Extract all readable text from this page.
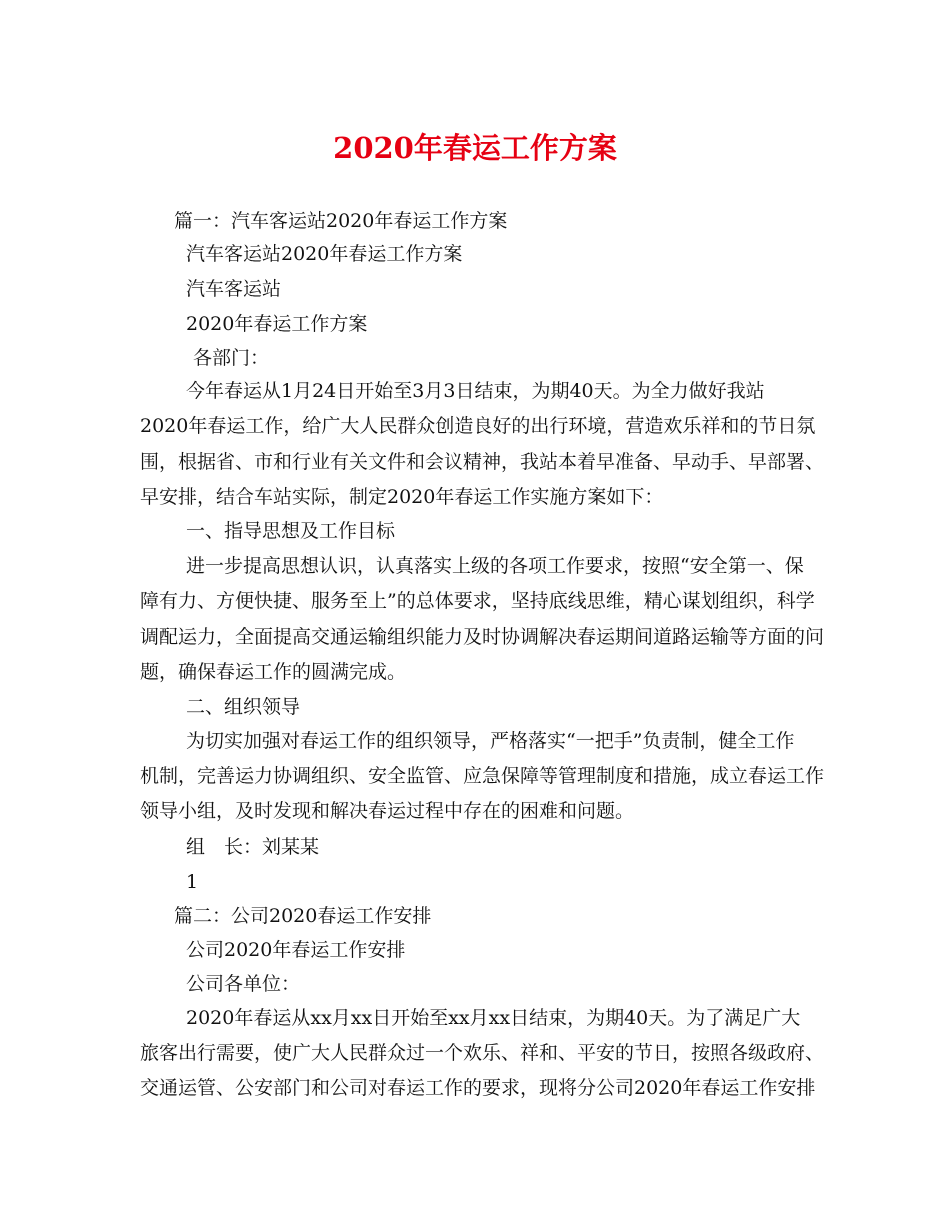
2020年春运工作方案
篇一：汽车客运站2020年春运工作方案
汽车客运站2020年春运工作方案
汽车客运站
2020年春运工作方案
各部门：
今年春运从1月24日开始至3月3日结束，为期40天。为全力做好我站
2020年春运工作，给广大人民群众创造良好的出行环境，营造欢乐祥和的节日氛
围，根据省、市和行业有关文件和会议精神，我站本着早准备、早动手、早部署、
早安排，结合车站实际，制定2020年春运工作实施方案如下：
一、指导思想及工作目标
进一步提高思想认识，认真落实上级的各项工作要求，按照“安全第一、保
障有力、方便快捷、服务至上”的总体要求，坚持底线思维，精心谋划组织，科学
调配运力，全面提高交通运输组织能力及时协调解决春运期间道路运输等方面的问
题，确保春运工作的圆满完成。
二、组织领导
为切实加强对春运工作的组织领导，严格落实“一把手”负责制，健全工作
机制，完善运力协调组织、安全监管、应急保障等管理制度和措施，成立春运工作
领导小组，及时发现和解决春运过程中存在的困难和问题。
组　长：刘某某
1
篇二：公司2020春运工作安排
公司2020年春运工作安排
公司各单位：
2020年春运从xx月xx日开始至xx月xx日结束，为期40天。为了满足广大
旅客出行需要，使广大人民群众过一个欢乐、祥和、平安的节日，按照各级政府、
交通运管、公安部门和公司对春运工作的要求，现将分公司2020年春运工作安排
